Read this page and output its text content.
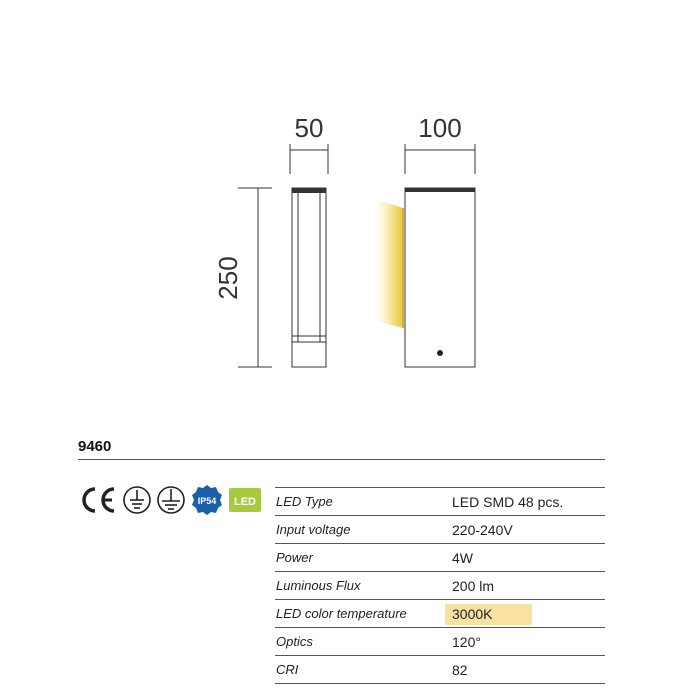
50	100
250
9460
IP54 LED LED Type	LED SMD 48 pcs.
Input voltage	220-240V
Power	4W
Luminous Flux	200 lm
LED color temperature	3000K
Optics	120°
CRI	82
